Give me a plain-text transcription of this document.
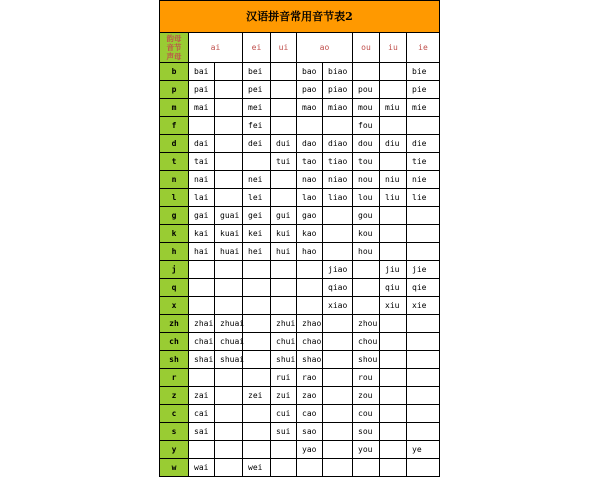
汉语拼音常用音节表2									

韵母
音节
声母	ai		ei	ui	ao		ou	iu	ie
b	bai		bei		bao	biao			bie
p	pai		pei		pao	piao	pou		pie
m	mai		mei		mao	miao	mou	miu	mie
f			fei				fou		
d	dai		dei	dui	dao	diao	dou	diu	die
t	tai			tui	tao	tiao	tou		tie
n	nai		nei		nao	niao	nou	niu	nie
l	lai		lei		lao	liao	lou	liu	lie
g	gai	guai	gei	gui	gao		gou		
k	kai	kuai	kei	kui	kao		kou		
h	hai	huai	hei	hui	hao		hou		
j						jiao		jiu	jie
q						qiao		qiu	qie
x						xiao		xiu	xie
zh	zhai	zhuai		zhui	zhao		zhou		
ch	chai	chuai		chui	chao		chou		
sh	shai	shuai		shui	shao		shou		
r				rui	rao		rou		
z	zai		zei	zui	zao		zou		
c	cai			cui	cao		cou		
s	sai			sui	sao		sou		
y					yao		you		ye
w	wai		wei						
